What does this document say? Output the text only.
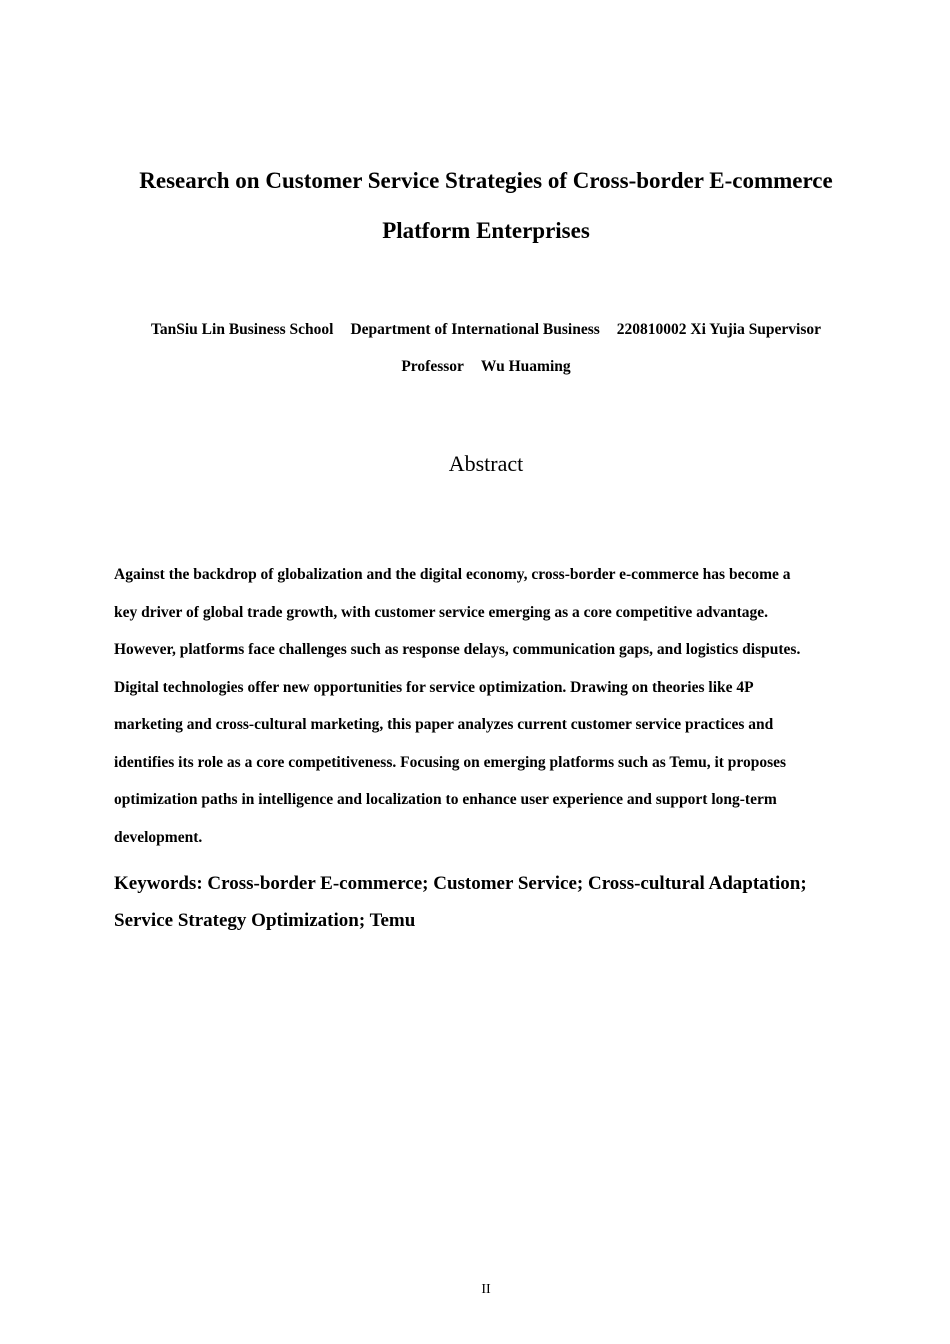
Research on Customer Service Strategies of Cross-border E-commerce
Platform Enterprises
TanSiu Lin Business School Department of International Business 220810002 Xi Yujia Supervisor
Professor Wu Huaming
Abstract
Against the backdrop of globalization and the digital economy, cross-border e-commerce has become a
key driver of global trade growth, with customer service emerging as a core competitive advantage.
However, platforms face challenges such as response delays, communication gaps, and logistics disputes.
Digital technologies offer new opportunities for service optimization. Drawing on theories like 4P
marketing and cross-cultural marketing, this paper analyzes current customer service practices and
identifies its role as a core competitiveness. Focusing on emerging platforms such as Temu, it proposes
optimization paths in intelligence and localization to enhance user experience and support long-term
development.
Keywords: Cross-border E-commerce; Customer Service; Cross-cultural Adaptation;
Service Strategy Optimization; Temu
II
